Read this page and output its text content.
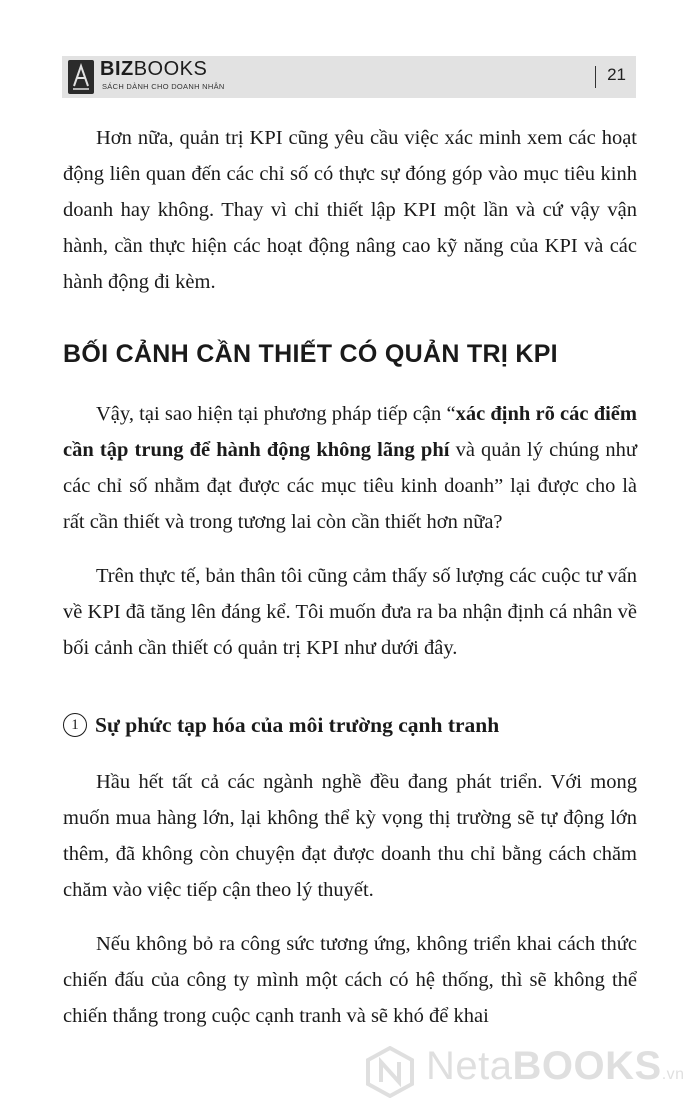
BIZBOOKS
SÁCH DÀNH CHO DOANH NHÂN
21

Hơn nữa, quản trị KPI cũng yêu cầu việc xác minh xem các hoạt động liên quan đến các chỉ số có thực sự đóng góp vào mục tiêu kinh doanh hay không. Thay vì chỉ thiết lập KPI một lần và cứ vậy vận hành, cần thực hiện các hoạt động nâng cao kỹ năng của KPI và các hành động đi kèm.

BỐI CẢNH CẦN THIẾT CÓ QUẢN TRỊ KPI

Vậy, tại sao hiện tại phương pháp tiếp cận “xác định rõ các điểm cần tập trung để hành động không lãng phí và quản lý chúng như các chỉ số nhằm đạt được các mục tiêu kinh doanh” lại được cho là rất cần thiết và trong tương lai còn cần thiết hơn nữa?

Trên thực tế, bản thân tôi cũng cảm thấy số lượng các cuộc tư vấn về KPI đã tăng lên đáng kể. Tôi muốn đưa ra ba nhận định cá nhân về bối cảnh cần thiết có quản trị KPI như dưới đây.

1 Sự phức tạp hóa của môi trường cạnh tranh

Hầu hết tất cả các ngành nghề đều đang phát triển. Với mong muốn mua hàng lớn, lại không thể kỳ vọng thị trường sẽ tự động lớn thêm, đã không còn chuyện đạt được doanh thu chỉ bằng cách chăm chăm vào việc tiếp cận theo lý thuyết.

Nếu không bỏ ra công sức tương ứng, không triển khai cách thức chiến đấu của công ty mình một cách có hệ thống, thì sẽ không thể chiến thắng trong cuộc cạnh tranh và sẽ khó để khai

NetaBOOKS.vn
